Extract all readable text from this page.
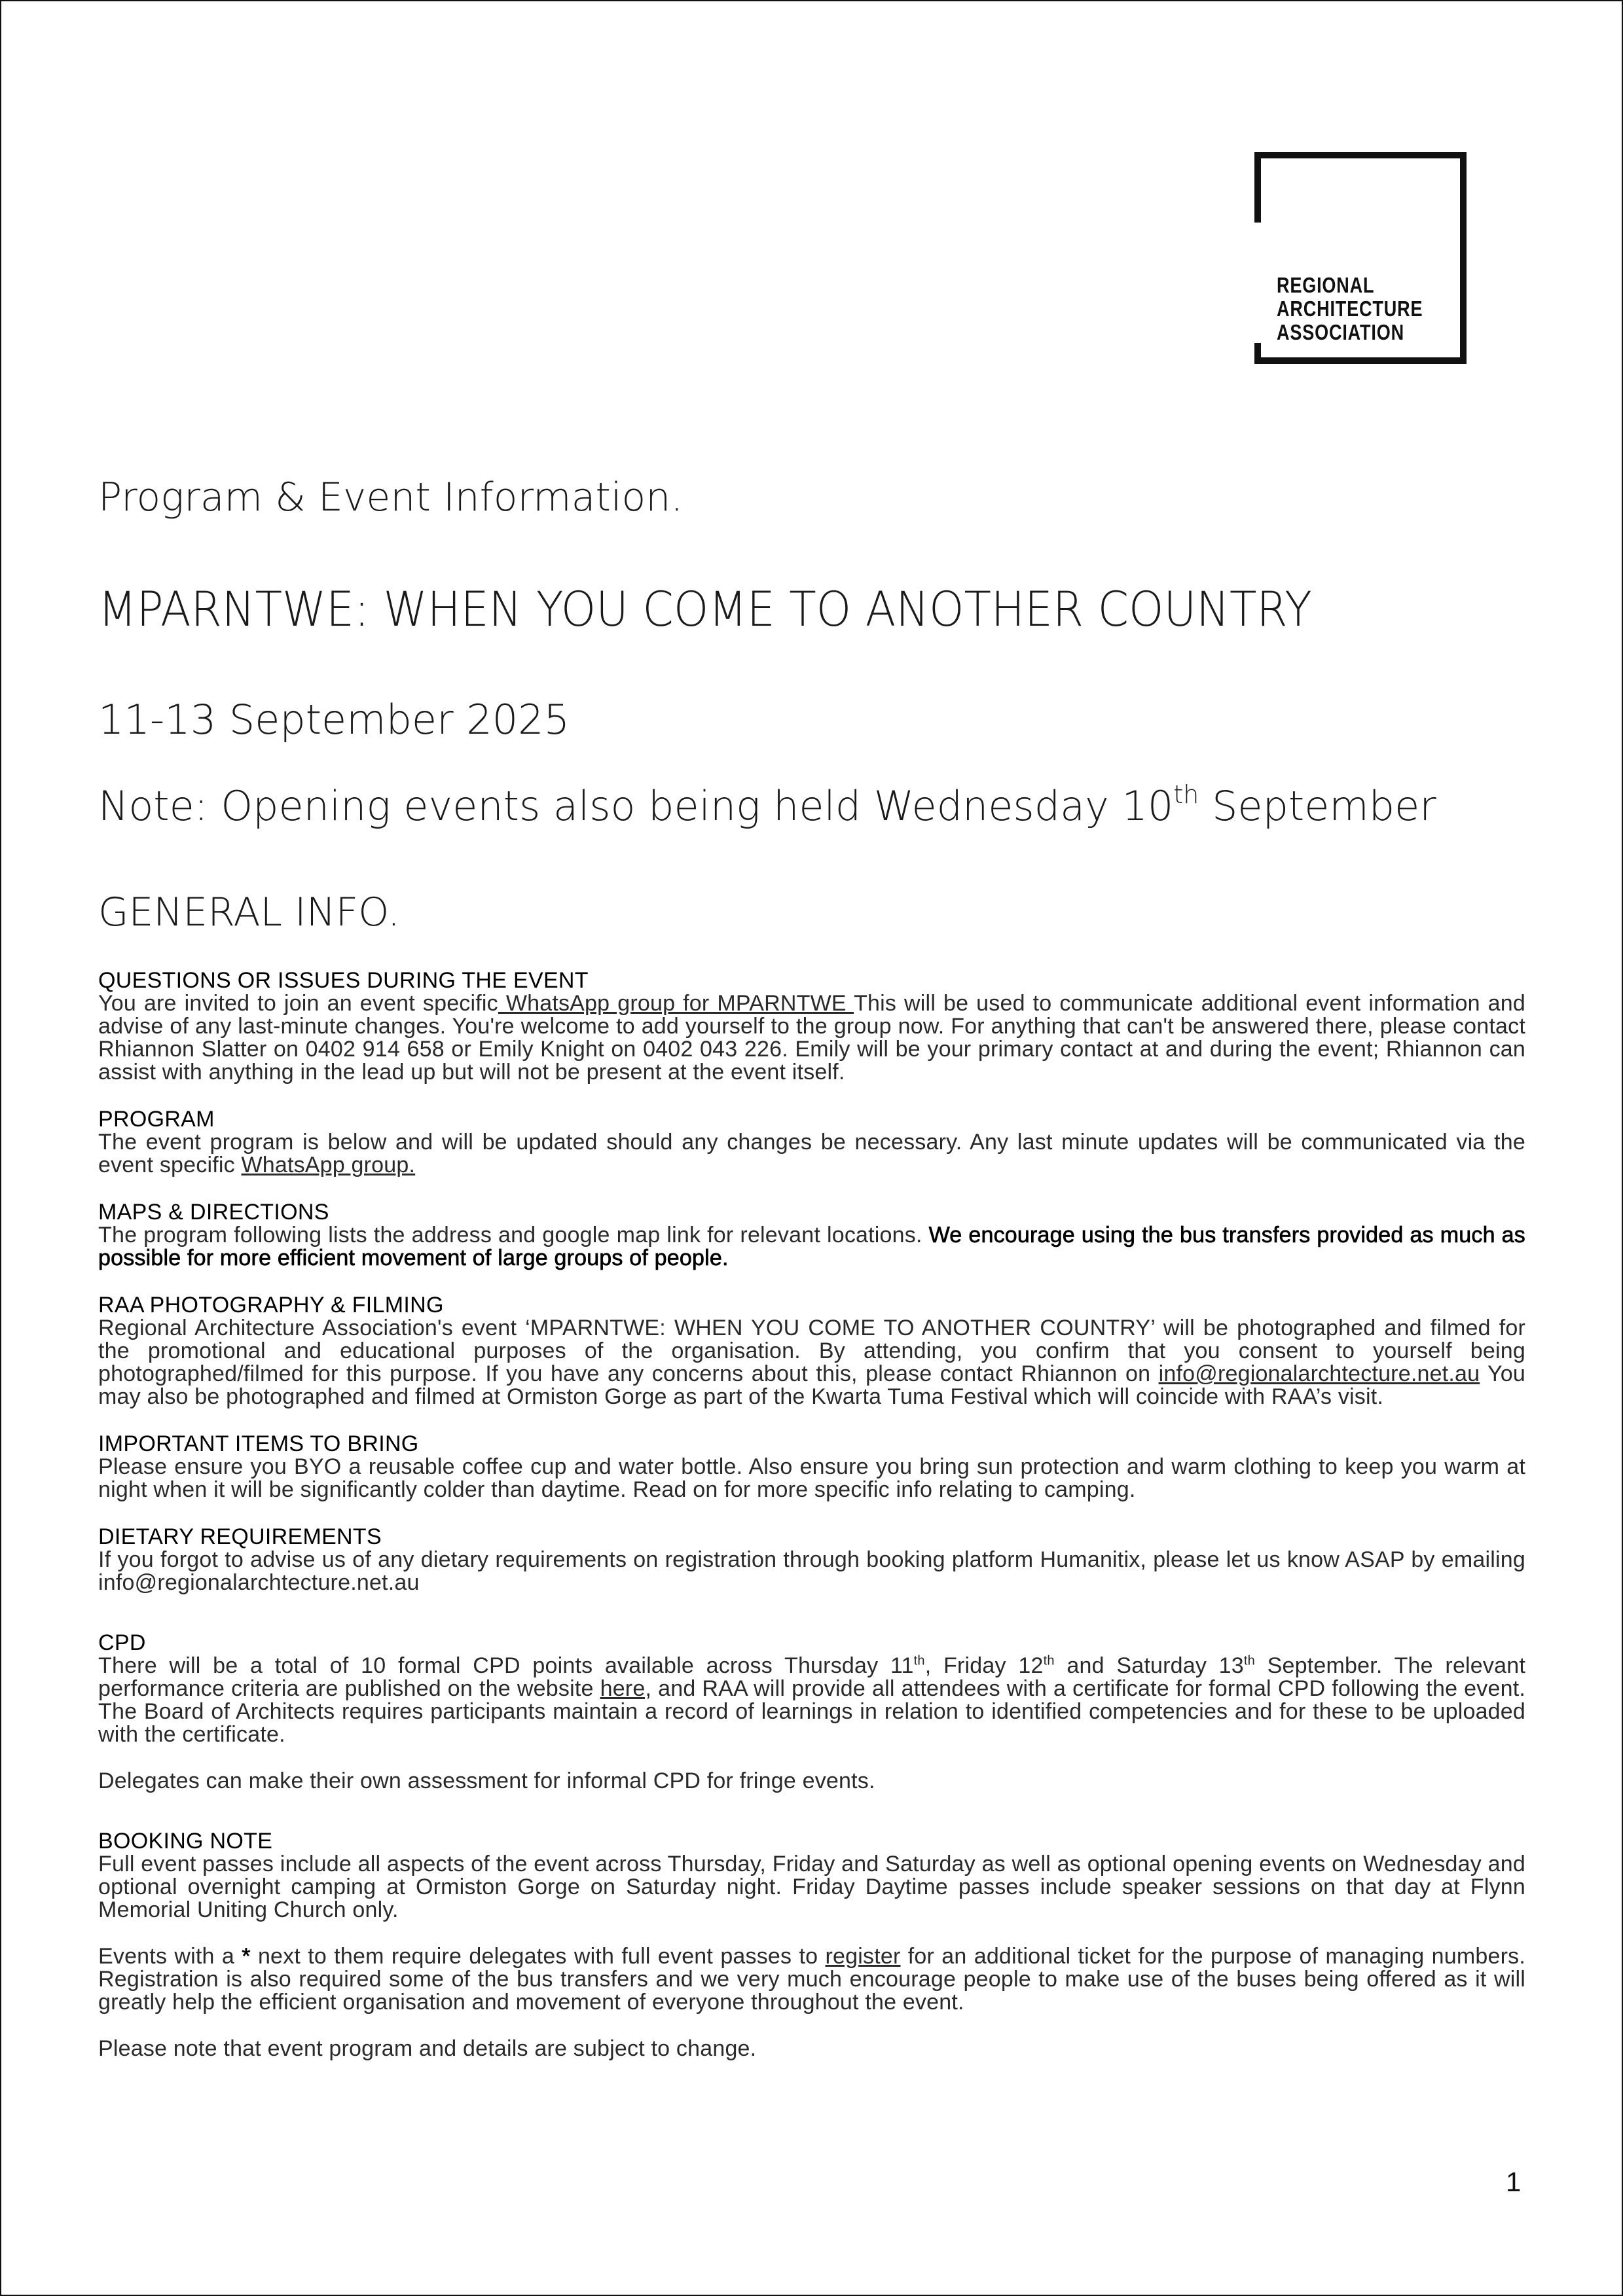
REGIONAL
ARCHITECTURE
ASSOCIATION
Program & Event Information.
MPARNTWE: WHEN YOU COME TO ANOTHER COUNTRY
11-13 September 2025
Note: Opening events also being held Wednesday 10th September
GENERAL INFO.
QUESTIONS OR ISSUES DURING THE EVENT

You are invited to join an event specific WhatsApp group for MPARNTWE This will be used to communicate additional event information and advise of any last-minute changes. You're welcome to add yourself to the group now. For anything that can't be answered there, please contact Rhiannon Slatter on 0402 914 658 or Emily Knight on 0402 043 226. Emily will be your primary contact at and during the event; Rhiannon can assist with anything in the lead up but will not be present at the event itself.

PROGRAM

The event program is below and will be updated should any changes be necessary. Any last minute updates will be communicated via the event specific WhatsApp group.

MAPS & DIRECTIONS

The program following lists the address and google map link for relevant locations. We encourage using the bus transfers provided as much as possible for more efficient movement of large groups of people.

RAA PHOTOGRAPHY & FILMING

Regional Architecture Association's event ‘MPARNTWE: WHEN YOU COME TO ANOTHER COUNTRY’ will be photographed and filmed for the promotional and educational purposes of the organisation. By attending, you confirm that you consent to yourself being photographed/filmed for this purpose. If you have any concerns about this, please contact Rhiannon on info@regionalarchtecture.net.au You may also be photographed and filmed at Ormiston Gorge as part of the Kwarta Tuma Festival which will coincide with RAA’s visit.

IMPORTANT ITEMS TO BRING

Please ensure you BYO a reusable coffee cup and water bottle. Also ensure you bring sun protection and warm clothing to keep you warm at night when it will be significantly colder than daytime. Read on for more specific info relating to camping.

DIETARY REQUIREMENTS

If you forgot to advise us of any dietary requirements on registration through booking platform Humanitix, please let us know ASAP by emailing info@regionalarchtecture.net.au

CPD

There will be a total of 10 formal CPD points available across Thursday 11th, Friday 12th and Saturday 13th September. The relevant performance criteria are published on the website here, and RAA will provide all attendees with a certificate for formal CPD following the event. The Board of Architects requires participants maintain a record of learnings in relation to identified competencies and for these to be uploaded with the certificate.

Delegates can make their own assessment for informal CPD for fringe events.

BOOKING NOTE

Full event passes include all aspects of the event across Thursday, Friday and Saturday as well as optional opening events on Wednesday and optional overnight camping at Ormiston Gorge on Saturday night. Friday Daytime passes include speaker sessions on that day at Flynn Memorial Uniting Church only.

Events with a * next to them require delegates with full event passes to register for an additional ticket for the purpose of managing numbers. Registration is also required some of the bus transfers and we very much encourage people to make use of the buses being offered as it will greatly help the efficient organisation and movement of everyone throughout the event.

Please note that event program and details are subject to change.

1
